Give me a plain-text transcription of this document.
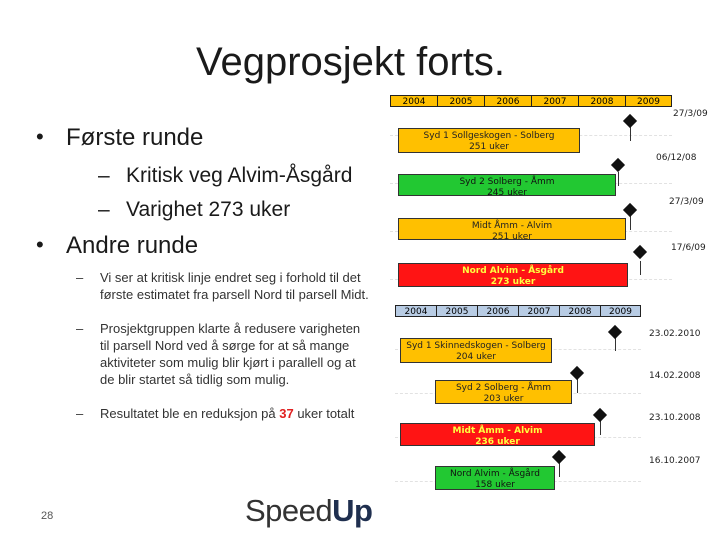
Vegprosjekt forts.
• Første runde
– Kritisk veg Alvim-Åsgård
– Varighet 273 uker
• Andre runde
– Vi ser at kritisk linje endret seg i forhold til det første estimatet fra parsell Nord til parsell Midt.
– Prosjektgruppen klarte å redusere varigheten til parsell Nord ved å sørge for at så mange aktiviteter som mulig blir kjørt i parallell og at de blir startet så tidlig som mulig.
– Resultatet ble en reduksjon på 37 uker totalt
28	SpeedUp
2004	2005	2006	2007	2008	2009
Syd 1 Sollgeskogen - Solberg
251 uker
Syd 2 Solberg - Åmm
245 uker
Midt Åmm - Alvim
251 uker
Nord Alvim - Åsgård
273 uker
27/3/09
06/12/08
27/3/09
17/6/09
2004	2005	2006	2007	2008	2009
Syd 1 Skinnedskogen - Solberg
204 uker
Syd 2 Solberg - Åmm
203 uker
Midt Åmm - Alvim
236 uker
Nord Alvim - Åsgård
158 uker
23.02.2010
14.02.2008
23.10.2008
16.10.2007
